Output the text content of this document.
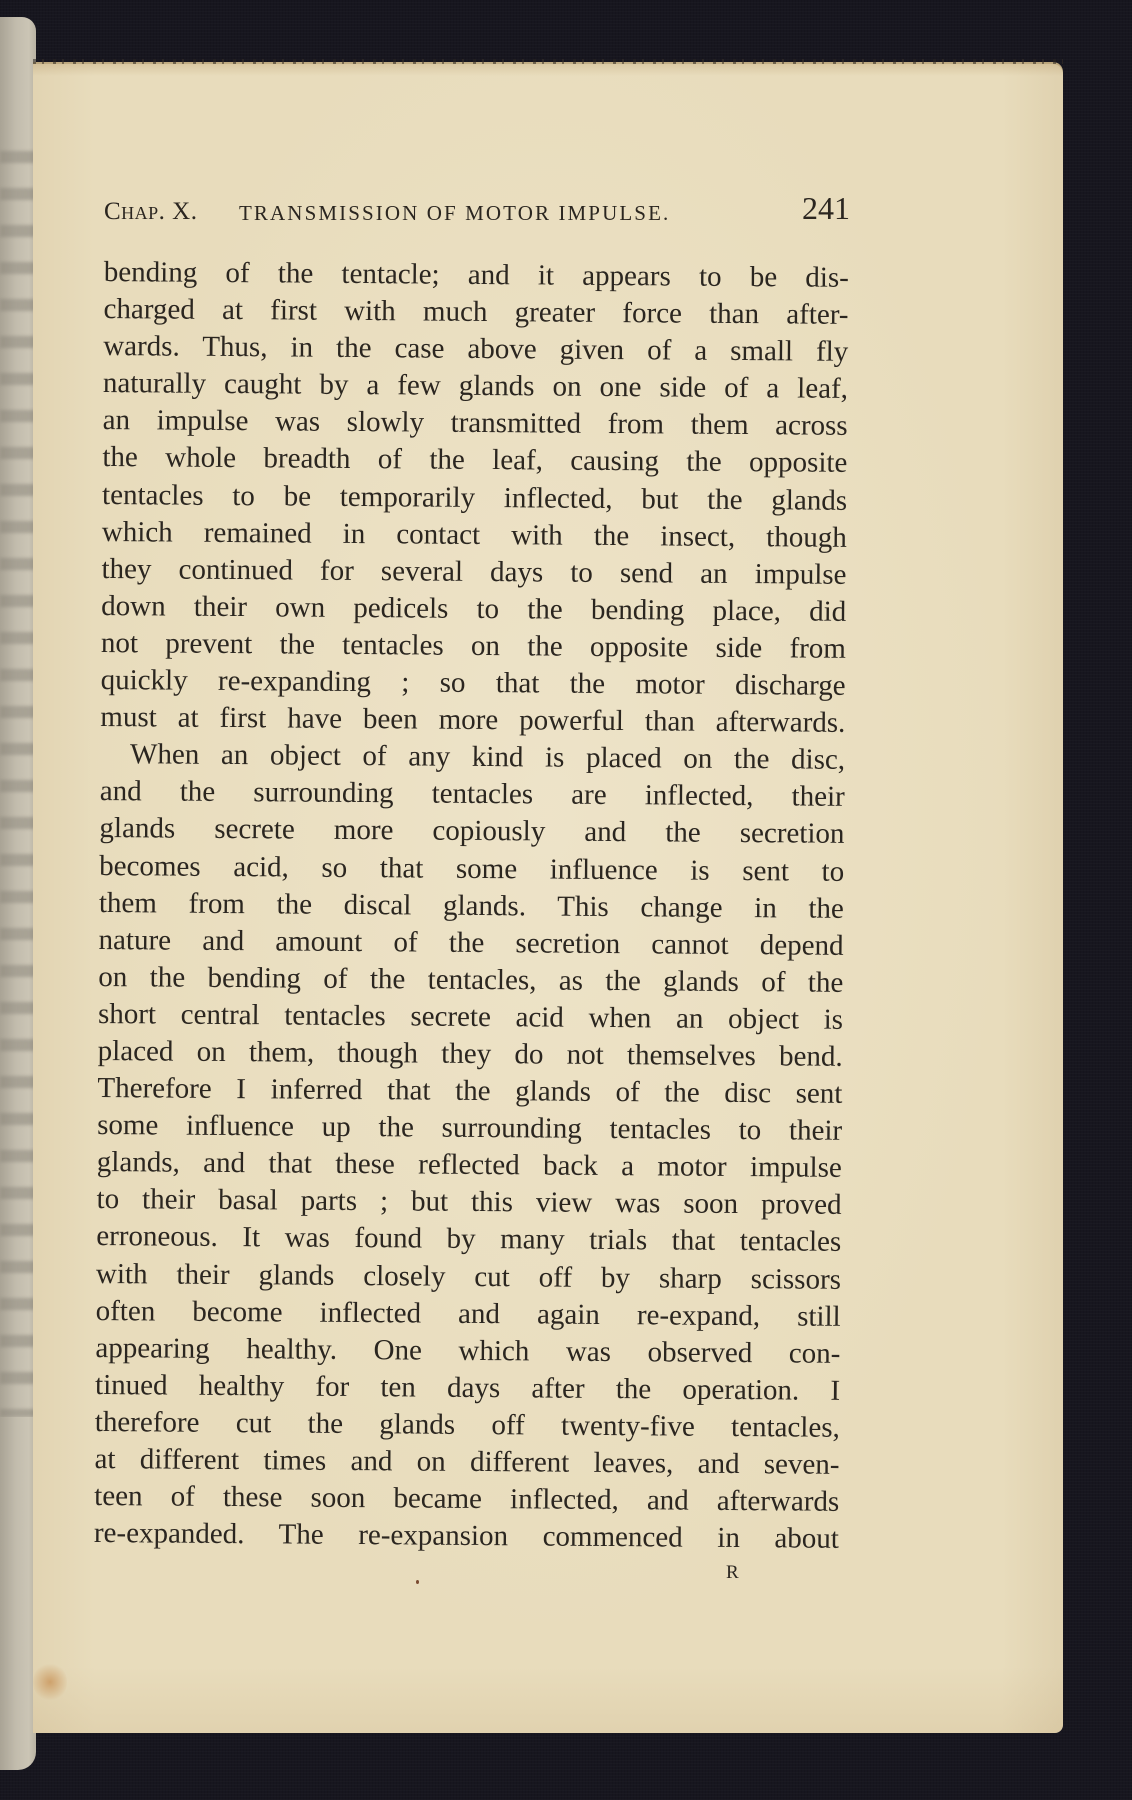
Chap. X. TRANSMISSION OF MOTOR IMPULSE.	241
bending of the tentacle; and it appears to be dis-
charged at first with much greater force than after-
wards. Thus, in the case above given of a small fly
naturally caught by a few glands on one side of a leaf,
an impulse was slowly transmitted from them across
the whole breadth of the leaf, causing the opposite
tentacles to be temporarily inflected, but the glands
which remained in contact with the insect, though
they continued for several days to send an impulse
down their own pedicels to the bending place, did
not prevent the tentacles on the opposite side from
quickly re-expanding ; so that the motor discharge
must at first have been more powerful than afterwards.
When an object of any kind is placed on the disc,
and the surrounding tentacles are inflected, their
glands secrete more copiously and the secretion
becomes acid, so that some influence is sent to
them from the discal glands. This change in the
nature and amount of the secretion cannot depend
on the bending of the tentacles, as the glands of the
short central tentacles secrete acid when an object is
placed on them, though they do not themselves bend.
Therefore I inferred that the glands of the disc sent
some influence up the surrounding tentacles to their
glands, and that these reflected back a motor impulse
to their basal parts ; but this view was soon proved
erroneous. It was found by many trials that tentacles
with their glands closely cut off by sharp scissors
often become inflected and again re-expand, still
appearing healthy. One which was observed con-
tinued healthy for ten days after the operation. I
therefore cut the glands off twenty-five tentacles,
at different times and on different leaves, and seven-
teen of these soon became inflected, and afterwards
re-expanded. The re-expansion commenced in about
R
